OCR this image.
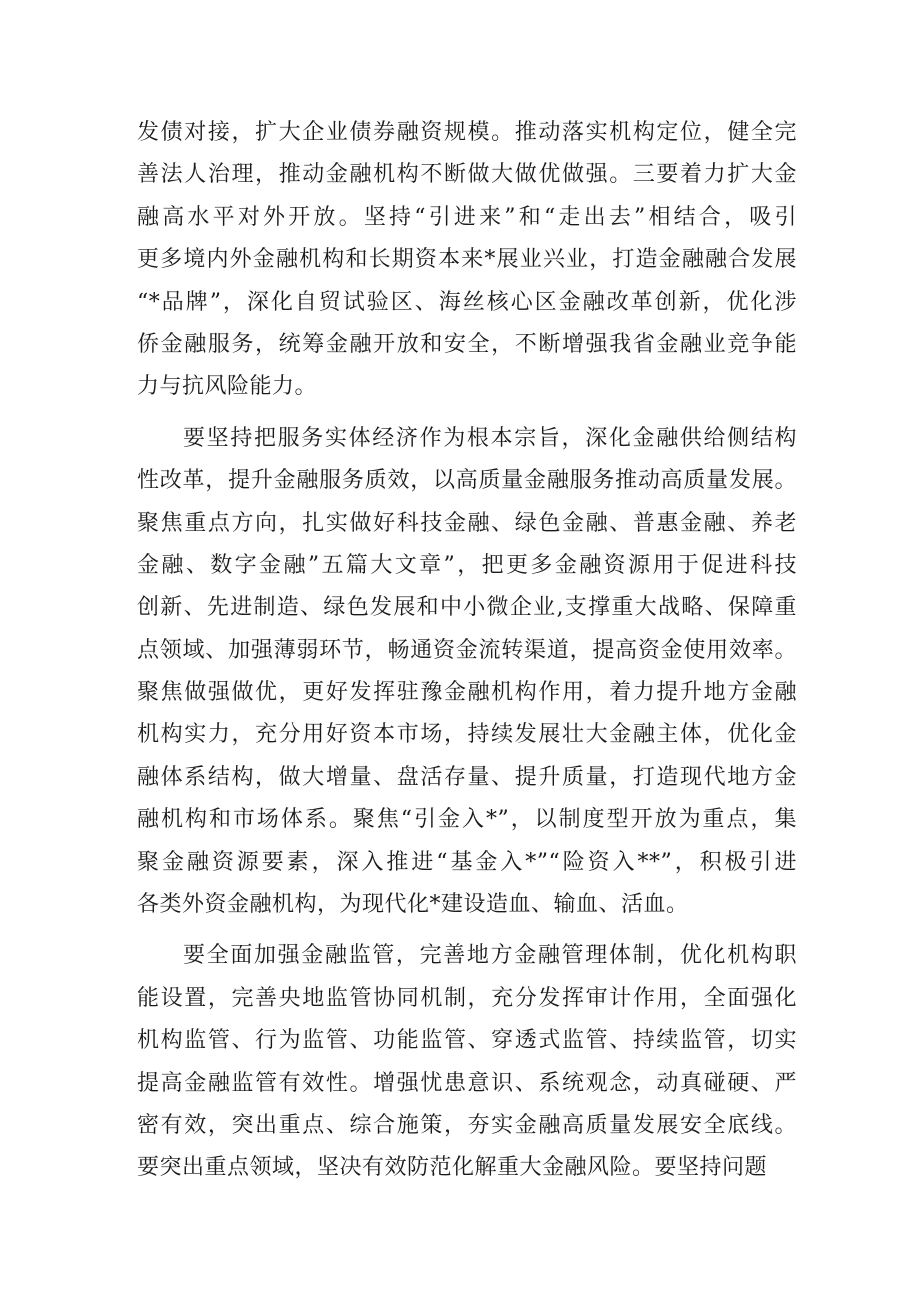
发债对接，扩大企业债券融资规模。推动落实机构定位，健全完
善法人治理，推动金融机构不断做大做优做强。三要着力扩大金
融高水平对外开放。坚持“引进来”和“走出去”相结合，吸引
更多境内外金融机构和长期资本来*展业兴业，打造金融融合发展
“*品牌”，深化自贸试验区、海丝核心区金融改革创新，优化涉
侨金融服务，统筹金融开放和安全，不断增强我省金融业竞争能
力与抗风险能力。
要坚持把服务实体经济作为根本宗旨，深化金融供给侧结构
性改革，提升金融服务质效，以高质量金融服务推动高质量发展。
聚焦重点方向，扎实做好科技金融、绿色金融、普惠金融、养老
金融、数字金融”五篇大文章”，把更多金融资源用于促进科技
创新、先进制造、绿色发展和中小微企业,支撑重大战略、保障重
点领域、加强薄弱环节，畅通资金流转渠道，提高资金使用效率。
聚焦做强做优，更好发挥驻豫金融机构作用，着力提升地方金融
机构实力，充分用好资本市场，持续发展壮大金融主体，优化金
融体系结构，做大增量、盘活存量、提升质量，打造现代地方金
融机构和市场体系。聚焦“引金入*”，以制度型开放为重点，集
聚金融资源要素，深入推进“基金入*”“险资入**”，积极引进
各类外资金融机构，为现代化*建设造血、输血、活血。
要全面加强金融监管，完善地方金融管理体制，优化机构职
能设置，完善央地监管协同机制，充分发挥审计作用，全面强化
机构监管、行为监管、功能监管、穿透式监管、持续监管，切实
提高金融监管有效性。增强忧患意识、系统观念，动真碰硬、严
密有效，突出重点、综合施策，夯实金融高质量发展安全底线。
要突出重点领域，坚决有效防范化解重大金融风险。要坚持问题
